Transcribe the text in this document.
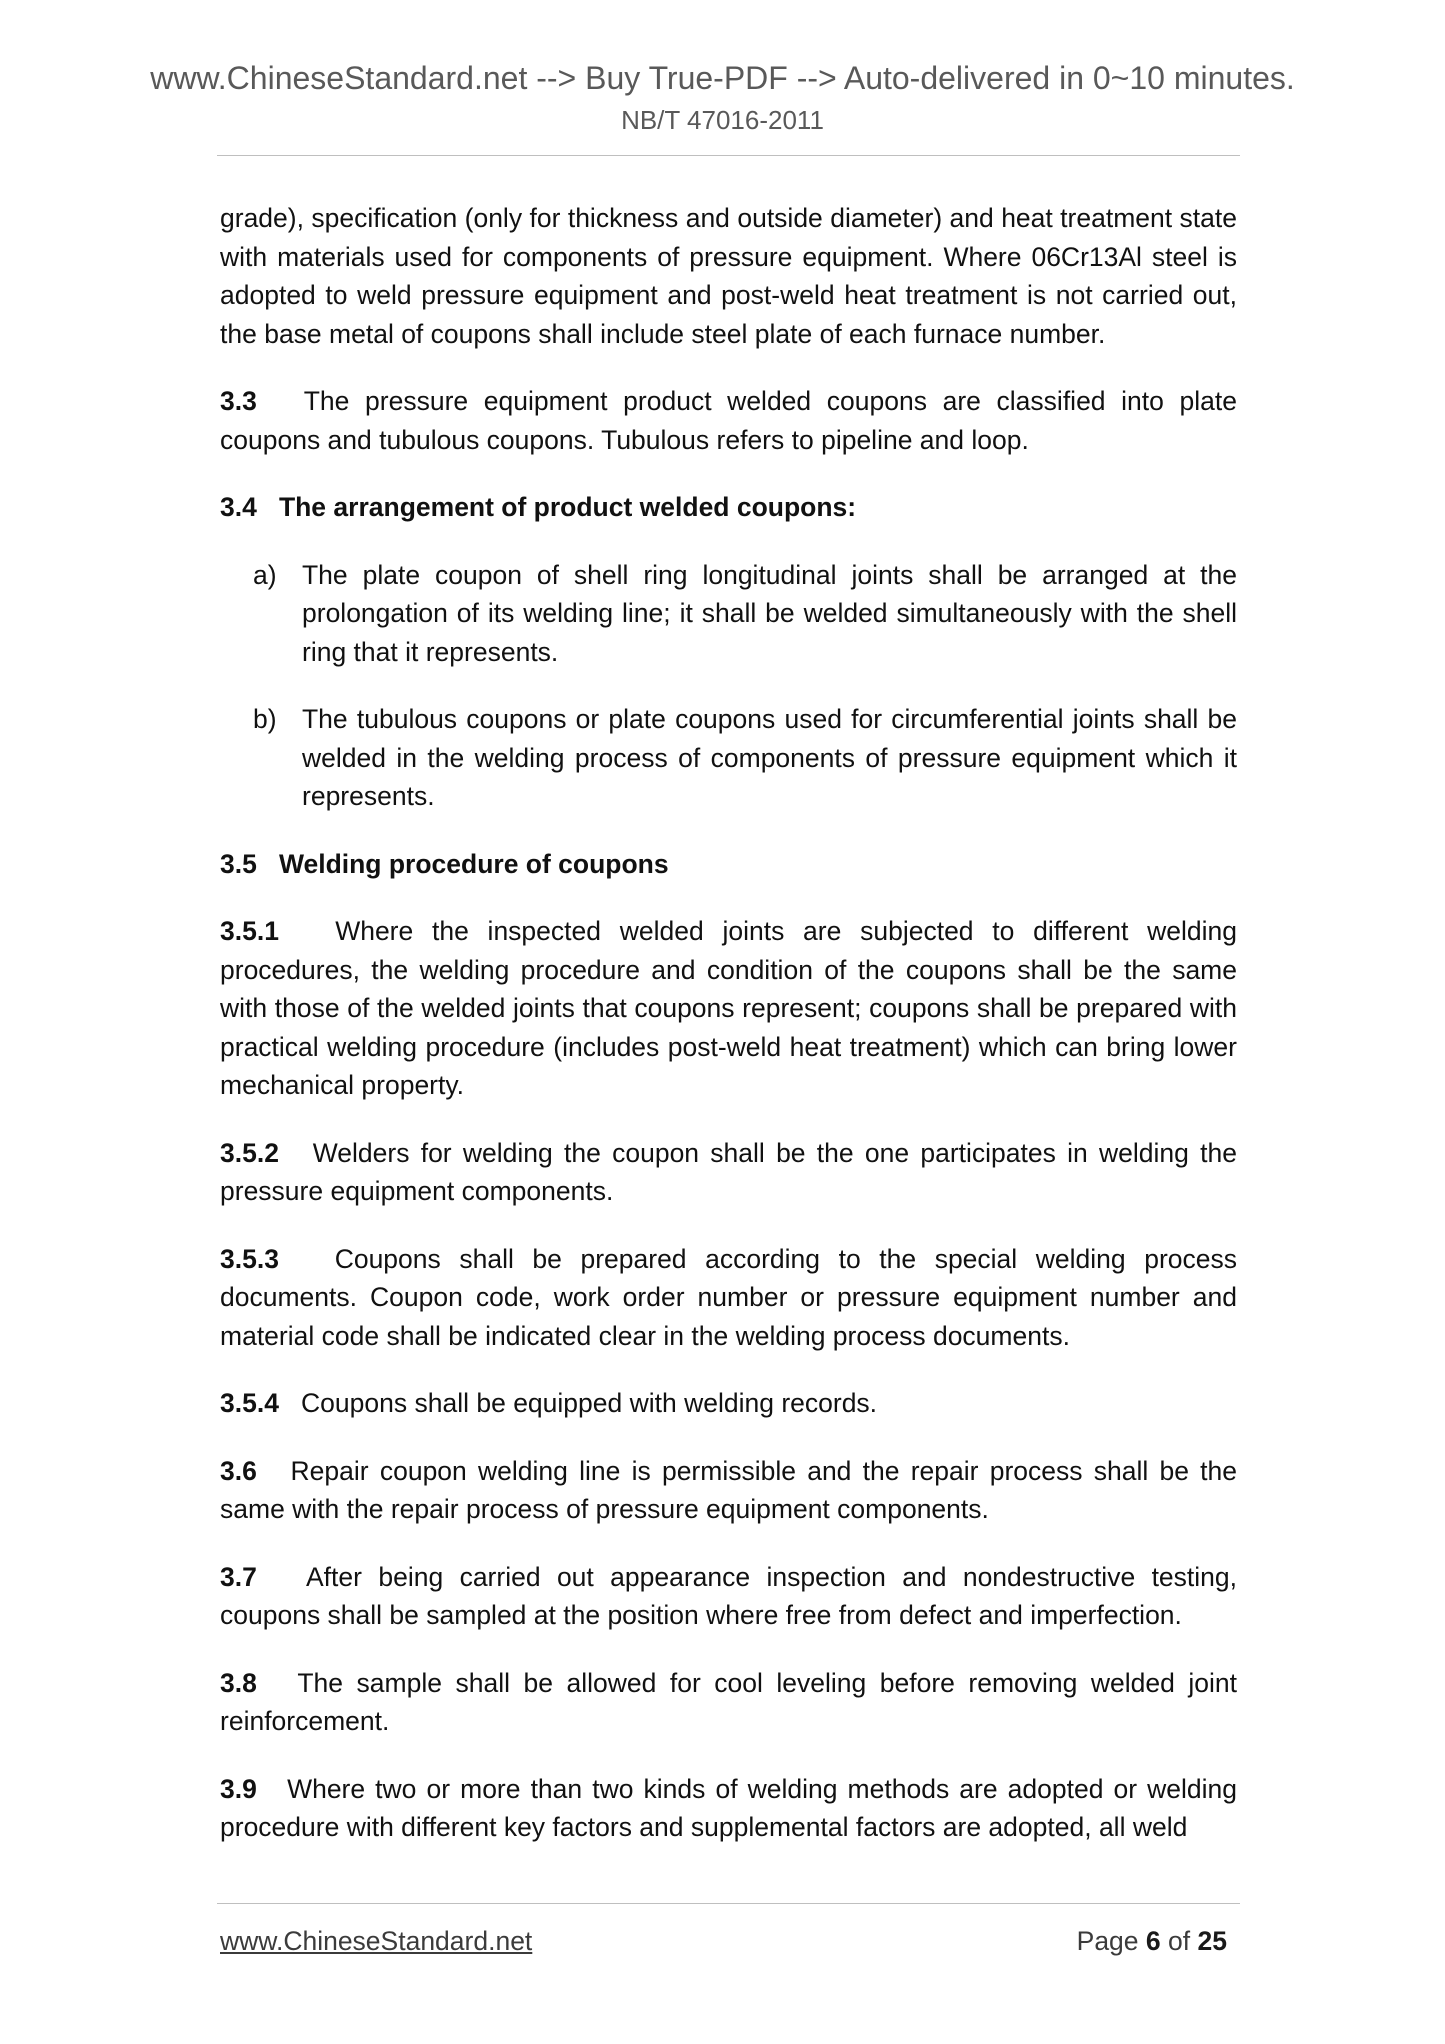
www.ChineseStandard.net --> Buy True-PDF --> Auto-delivered in 0~10 minutes.
NB/T 47016-2011

grade), specification (only for thickness and outside diameter) and heat treatment state with materials used for components of pressure equipment. Where 06Cr13Al steel is adopted to weld pressure equipment and post-weld heat treatment is not carried out, the base metal of coupons shall include steel plate of each furnace number.

3.3 The pressure equipment product welded coupons are classified into plate coupons and tubulous coupons. Tubulous refers to pipeline and loop.

3.4 The arrangement of product welded coupons:

a) The plate coupon of shell ring longitudinal joints shall be arranged at the prolongation of its welding line; it shall be welded simultaneously with the shell ring that it represents.
b) The tubulous coupons or plate coupons used for circumferential joints shall be welded in the welding process of components of pressure equipment which it represents.

3.5 Welding procedure of coupons

3.5.1 Where the inspected welded joints are subjected to different welding procedures, the welding procedure and condition of the coupons shall be the same with those of the welded joints that coupons represent; coupons shall be prepared with practical welding procedure (includes post-weld heat treatment) which can bring lower mechanical property.

3.5.2 Welders for welding the coupon shall be the one participates in welding the pressure equipment components.

3.5.3 Coupons shall be prepared according to the special welding process documents. Coupon code, work order number or pressure equipment number and material code shall be indicated clear in the welding process documents.

3.5.4 Coupons shall be equipped with welding records.

3.6 Repair coupon welding line is permissible and the repair process shall be the same with the repair process of pressure equipment components.

3.7 After being carried out appearance inspection and nondestructive testing, coupons shall be sampled at the position where free from defect and imperfection.

3.8 The sample shall be allowed for cool leveling before removing welded joint reinforcement.

3.9 Where two or more than two kinds of welding methods are adopted or welding procedure with different key factors and supplemental factors are adopted, all weld

www.ChineseStandard.net	Page 6 of 25
